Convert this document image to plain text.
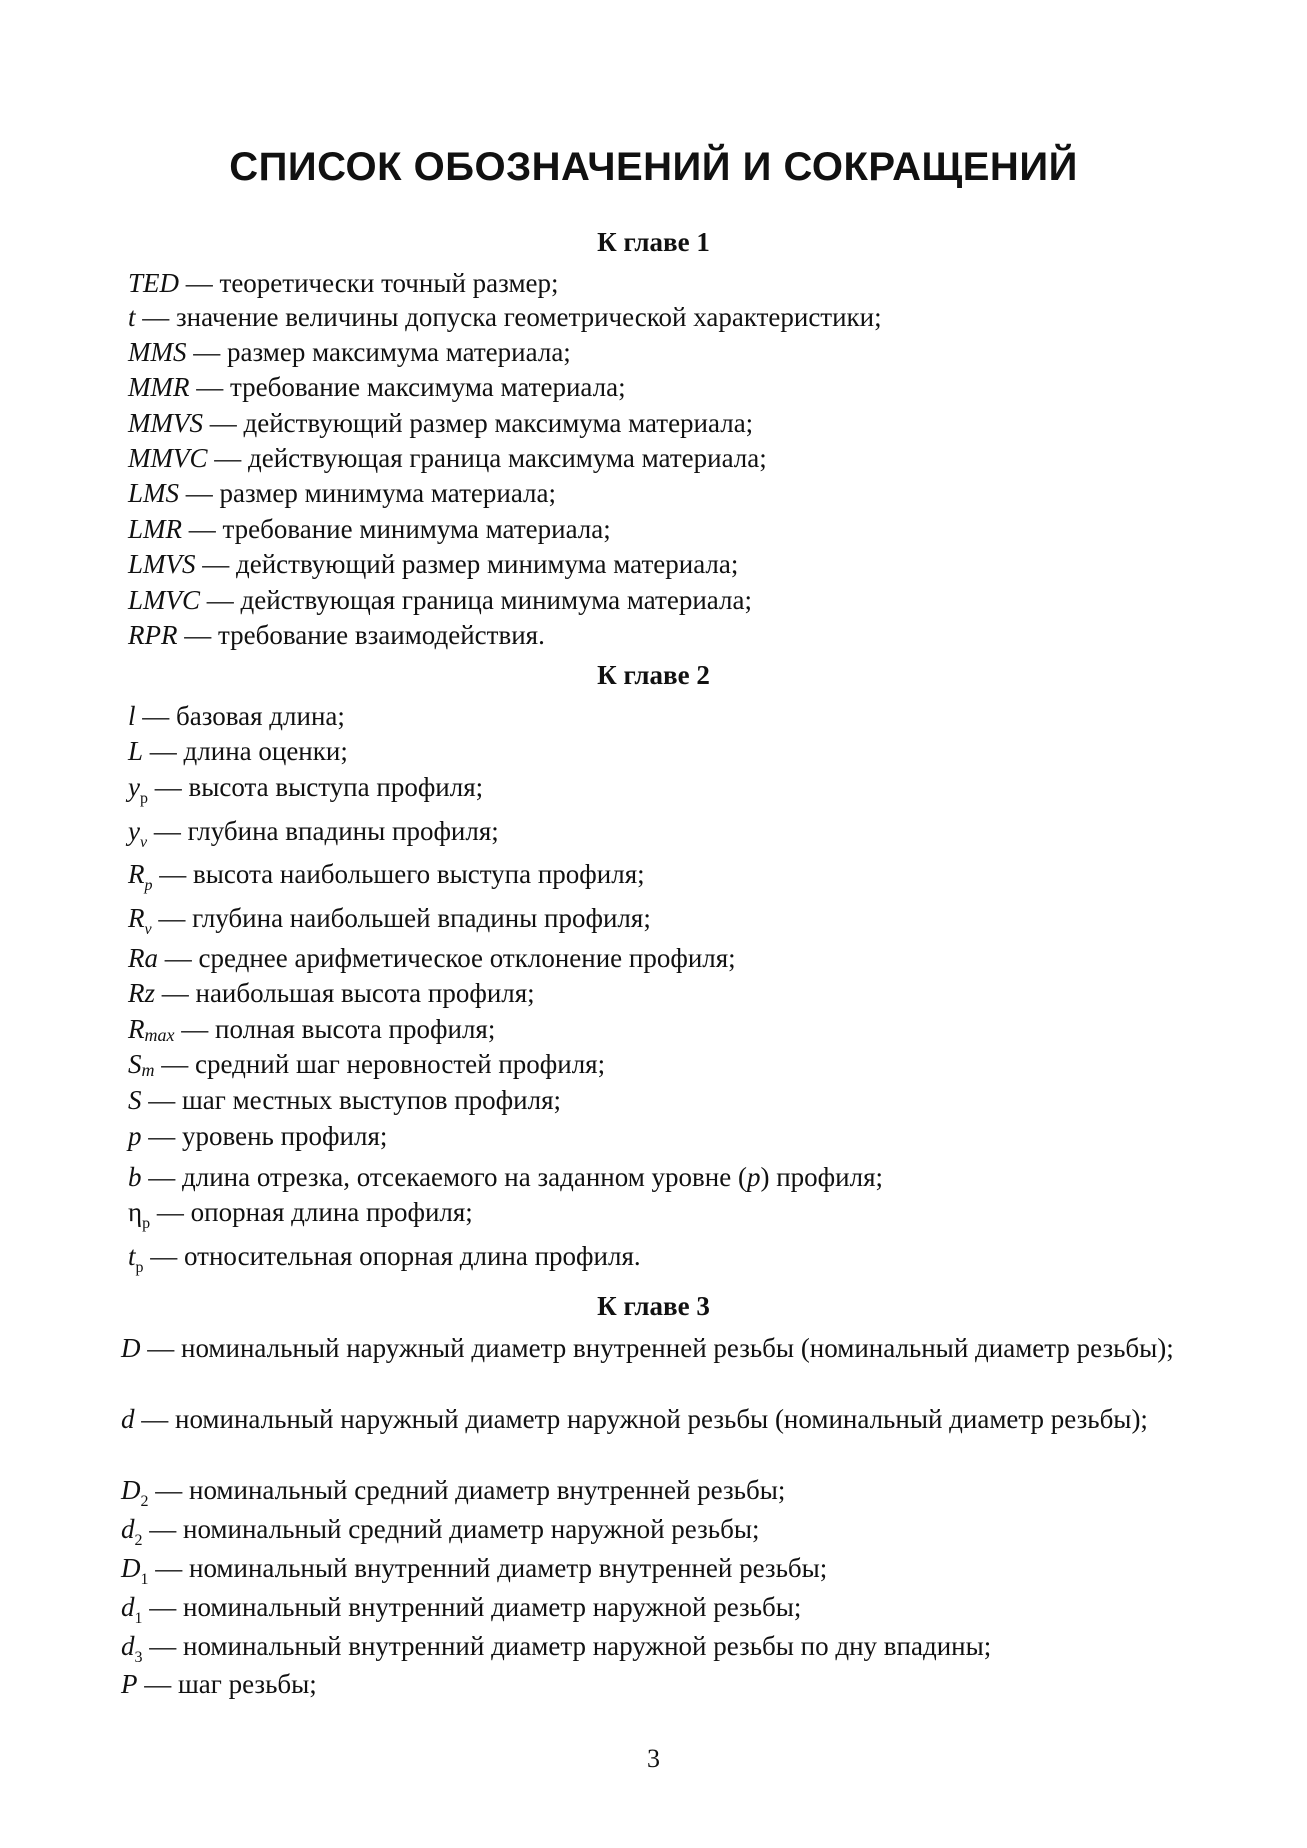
СПИСОК ОБОЗНАЧЕНИЙ И СОКРАЩЕНИЙ
К главе 1
TED — теоретически точный размер;
t — значение величины допуска геометрической характеристики;
MMS — размер максимума материала;
MMR — требование максимума материала;
MMVS — действующий размер максимума материала;
MMVC — действующая граница максимума материала;
LMS — размер минимума материала;
LMR — требование минимума материала;
LMVS — действующий размер минимума материала;
LMVC — действующая граница минимума материала;
RPR — требование взаимодействия.
К главе 2
l — базовая длина;
L — длина оценки;
$y_p$ — высота выступа профиля;
$y_v$ — глубина впадины профиля;
$R_p$ — высота наибольшего выступа профиля;
$R_v$ — глубина наибольшей впадины профиля;
Ra — среднее арифметическое отклонение профиля;
Rz — наибольшая высота профиля;
Rmax — полная высота профиля;
Sm — средний шаг неровностей профиля;
S — шаг местных выступов профиля;
p — уровень профиля;
b — длина отрезка, отсекаемого на заданном уровне (p) профиля;
$\eta_p$ — опорная длина профиля;
$t_p$ — относительная опорная длина профиля.
К главе 3
D — номинальный наружный диаметр внутренней резьбы (номинальный диаметр резьбы);
d — номинальный наружный диаметр наружной резьбы (номинальный диаметр резьбы);
$D_2$ — номинальный средний диаметр внутренней резьбы;
$d_2$ — номинальный средний диаметр наружной резьбы;
$D_1$ — номинальный внутренний диаметр внутренней резьбы;
$d_1$ — номинальный внутренний диаметр наружной резьбы;
$d_3$ — номинальный внутренний диаметр наружной резьбы по дну впадины;
P — шаг резьбы;
3
